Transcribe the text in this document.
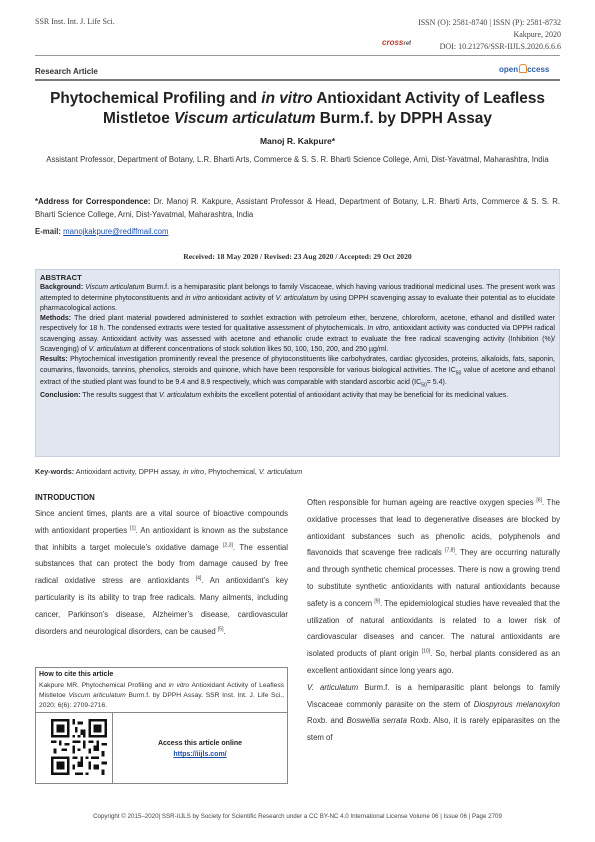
SSR Inst. Int. J. Life Sci.	ISSN (O): 2581-8740 | ISSN (P): 2581-8732
Kakpure, 2020
DOI: 10.21276/SSR-IIJLS.2020.6.6.6
crossref
Research Article	open ccess
Phytochemical Profiling and in vitro Antioxidant Activity of Leafless Mistletoe Viscum articulatum Burm.f. by DPPH Assay
Manoj R. Kakpure*
Assistant Professor, Department of Botany, L.R. Bharti Arts, Commerce & S. S. R. Bharti Science College, Arni, Dist-Yavatmal, Maharashtra, India
*Address for Correspondence: Dr. Manoj R. Kakpure, Assistant Professor & Head, Department of Botany, L.R. Bharti Arts, Commerce & S. S. R. Bharti Science College, Arni, Dist-Yavatmal, Maharashtra, India
E-mail: manojkakpure@rediffmail.com
Received: 18 May 2020 / Revised: 23 Aug 2020 / Accepted: 29 Oct 2020
ABSTRACT
Background: Viscum articulatum Burm.f. is a hemiparasitic plant belongs to family Viscaceae, which having various traditional medicinal uses. The present work was attempted to determine phytoconstituents and in vitro antioxidant activity of V. articulatum by using DPPH scavenging assay to evaluate their potential as to elucidate pharmacological actions.
Methods: The dried plant material powdered administered to soxhlet extraction with petroleum ether, benzene, chloroform, acetone, ethanol and distilled water respectively for 18 h. The condensed extracts were tested for qualitative assessment of phytochemicals. In vitro, antioxidant activity was conducted via DPPH radical scavenging assay. Antioxidant activity was assessed with acetone and ethanolic crude extract to evaluate the free radical scavenging activity (Inhibition (%)/ Scavenging) of V. articulatum at different concentrations of stock solution likes 50, 100, 150, 200, and 250 µg/ml.
Results: Phytochemical investigation prominently reveal the presence of phytoconstituents like carbohydrates, cardiac glycosides, proteins, alkaloids, fats, saponin, coumarins, flavonoids, tannins, phenolics, steroids and quinone, which have been responsible for various biological activities. The $IC_{50}$ value of acetone and ethanol extract of the studied plant was found to be 9.4 and 8.9 respectively, which was comparable with standard ascorbic acid $(IC_{50}= 5.4)$.
Conclusion: The results suggest that V. articulatum exhibits the excellent potential of antioxidant activity that may be beneficial for its medicinal values.
Key-words: Antioxidant activity, DPPH assay, in vitro, Phytochemical, V. articulatum
INTRODUCTION
Since ancient times, plants are a vital source of bioactive compounds with antioxidant properties [1]. An antioxidant is known as the substance that inhibits a target molecule’s oxidative damage [2,3]. The essential substances that can protect the body from damage caused by free radical oxidative stress are antioxidants [4]. An antioxidant’s key particularity is its ability to trap free radicals. Many ailments, including cancer, Parkinson’s disease, Alzheimer’s disease, cardiovascular disorders and neurological disorders, can be caused [5].
Often responsible for human ageing are reactive oxygen species [6]. The oxidative processes that lead to degenerative diseases are blocked by antioxidant substances such as phenolic acids, polyphenols and flavonoids that scavenge free radicals [7,8]. They are occurring naturally and through synthetic chemical processes. There is now a growing trend to substitute synthetic antioxidants with natural antioxidants because safety is a concern [9]. The epidemiological studies have revealed that the utilization of natural antioxidants is related to a lower risk of cardiovascular diseases and cancer. The natural antioxidants are isolated products of plant origin [10]. So, herbal plants considered as an excellent antioxidant since long years ago.
V. articulatum Burm.f. is a hemiparasitic plant belongs to family Viscaceae commonly parasite on the stem of Diospyrous melanoxylon Roxb. and Boswellia serrata Roxb. Also, it is rarely epiparasites on the stem of
How to cite this article
Kakpure MR. Phytochemical Profiling and in vitro Antioxidant Activity of Leafless Mistletoe Viscum articulatum Burm.f. by DPPH Assay. SSR Inst. Int. J. Life Sci., 2020; 6(6): 2709-2716.
Access this article online
https://iijls.com/
Copyright © 2015–2020| SSR-IIJLS by Society for Scientific Research under a CC BY-NC 4.0 International License Volume 06 | Issue 06 | Page 2709
